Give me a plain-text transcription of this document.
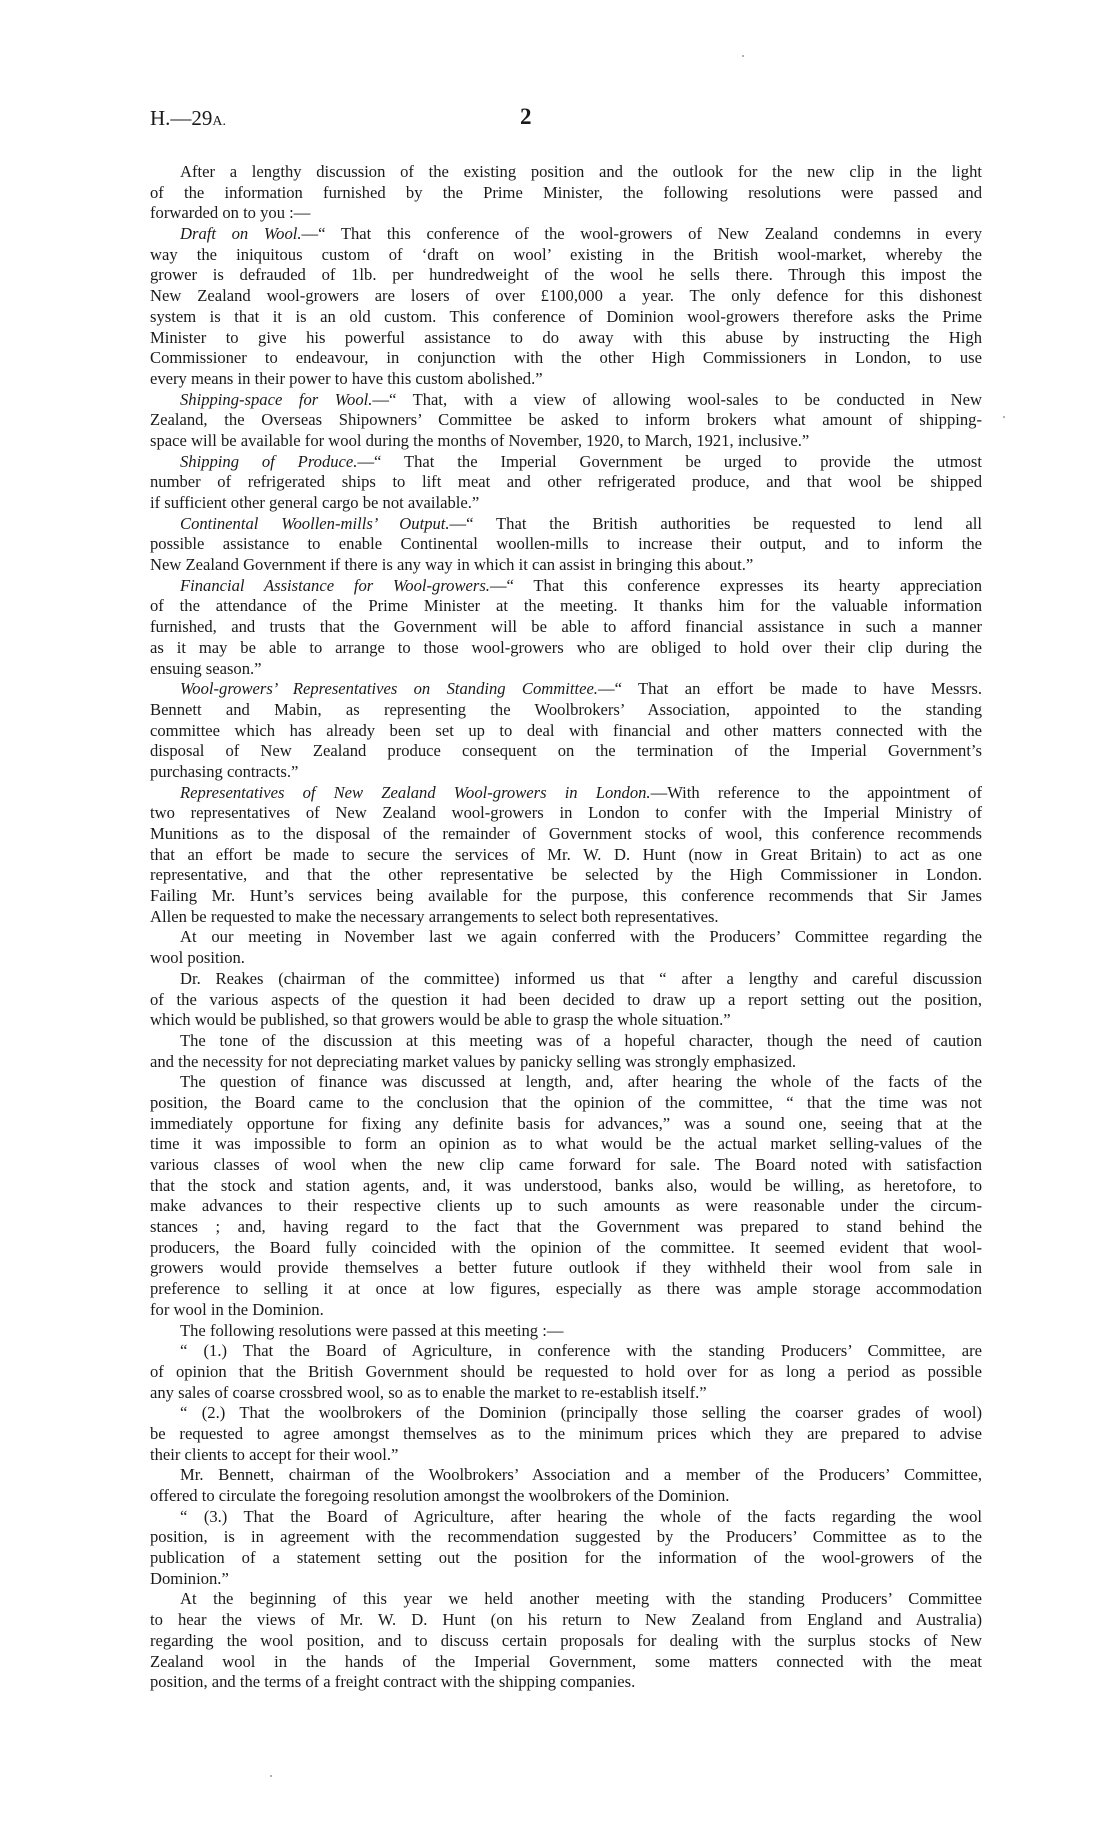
H.—29A.	2
After a lengthy discussion of the existing position and the outlook for the new clip in the light
of the information furnished by the Prime Minister, the following resolutions were passed and
forwarded on to you :—
Draft on Wool.—“ That this conference of the wool-growers of New Zealand condemns in every
way the iniquitous custom of ‘draft on wool’ existing in the British wool-market, whereby the
grower is defrauded of 1lb. per hundredweight of the wool he sells there. Through this impost the
New Zealand wool-growers are losers of over £100,000 a year. The only defence for this dishonest
system is that it is an old custom. This conference of Dominion wool-growers therefore asks the Prime
Minister to give his powerful assistance to do away with this abuse by instructing the High
Commissioner to endeavour, in conjunction with the other High Commissioners in London, to use
every means in their power to have this custom abolished.”
Shipping-space for Wool.—“ That, with a view of allowing wool-sales to be conducted in New
Zealand, the Overseas Shipowners’ Committee be asked to inform brokers what amount of shipping-
space will be available for wool during the months of November, 1920, to March, 1921, inclusive.”
Shipping of Produce.—“ That the Imperial Government be urged to provide the utmost
number of refrigerated ships to lift meat and other refrigerated produce, and that wool be shipped
if sufficient other general cargo be not available.”
Continental Woollen-mills’ Output.—“ That the British authorities be requested to lend all
possible assistance to enable Continental woollen-mills to increase their output, and to inform the
New Zealand Government if there is any way in which it can assist in bringing this about.”
Financial Assistance for Wool-growers.—“ That this conference expresses its hearty appreciation
of the attendance of the Prime Minister at the meeting. It thanks him for the valuable information
furnished, and trusts that the Government will be able to afford financial assistance in such a manner
as it may be able to arrange to those wool-growers who are obliged to hold over their clip during the
ensuing season.”
Wool-growers’ Representatives on Standing Committee.—“ That an effort be made to have Messrs.
Bennett and Mabin, as representing the Woolbrokers’ Association, appointed to the standing
committee which has already been set up to deal with financial and other matters connected with the
disposal of New Zealand produce consequent on the termination of the Imperial Government’s
purchasing contracts.”
Representatives of New Zealand Wool-growers in London.—With reference to the appointment of
two representatives of New Zealand wool-growers in London to confer with the Imperial Ministry of
Munitions as to the disposal of the remainder of Government stocks of wool, this conference recommends
that an effort be made to secure the services of Mr. W. D. Hunt (now in Great Britain) to act as one
representative, and that the other representative be selected by the High Commissioner in London.
Failing Mr. Hunt’s services being available for the purpose, this conference recommends that Sir James
Allen be requested to make the necessary arrangements to select both representatives.
At our meeting in November last we again conferred with the Producers’ Committee regarding the
wool position.
Dr. Reakes (chairman of the committee) informed us that “ after a lengthy and careful discussion
of the various aspects of the question it had been decided to draw up a report setting out the position,
which would be published, so that growers would be able to grasp the whole situation.”
The tone of the discussion at this meeting was of a hopeful character, though the need of caution
and the necessity for not depreciating market values by panicky selling was strongly emphasized.
The question of finance was discussed at length, and, after hearing the whole of the facts of the
position, the Board came to the conclusion that the opinion of the committee, “ that the time was not
immediately opportune for fixing any definite basis for advances,” was a sound one, seeing that at the
time it was impossible to form an opinion as to what would be the actual market selling-values of the
various classes of wool when the new clip came forward for sale. The Board noted with satisfaction
that the stock and station agents, and, it was understood, banks also, would be willing, as heretofore, to
make advances to their respective clients up to such amounts as were reasonable under the circum-
stances ; and, having regard to the fact that the Government was prepared to stand behind the
producers, the Board fully coincided with the opinion of the committee. It seemed evident that wool-
growers would provide themselves a better future outlook if they withheld their wool from sale in
preference to selling it at once at low figures, especially as there was ample storage accommodation
for wool in the Dominion.
The following resolutions were passed at this meeting :—
“ (1.) That the Board of Agriculture, in conference with the standing Producers’ Committee, are
of opinion that the British Government should be requested to hold over for as long a period as possible
any sales of coarse crossbred wool, so as to enable the market to re-establish itself.”
“ (2.) That the woolbrokers of the Dominion (principally those selling the coarser grades of wool)
be requested to agree amongst themselves as to the minimum prices which they are prepared to advise
their clients to accept for their wool.”
Mr. Bennett, chairman of the Woolbrokers’ Association and a member of the Producers’ Committee,
offered to circulate the foregoing resolution amongst the woolbrokers of the Dominion.
“ (3.) That the Board of Agriculture, after hearing the whole of the facts regarding the wool
position, is in agreement with the recommendation suggested by the Producers’ Committee as to the
publication of a statement setting out the position for the information of the wool-growers of the
Dominion.”
At the beginning of this year we held another meeting with the standing Producers’ Committee
to hear the views of Mr. W. D. Hunt (on his return to New Zealand from England and Australia)
regarding the wool position, and to discuss certain proposals for dealing with the surplus stocks of New
Zealand wool in the hands of the Imperial Government, some matters connected with the meat
position, and the terms of a freight contract with the shipping companies.
